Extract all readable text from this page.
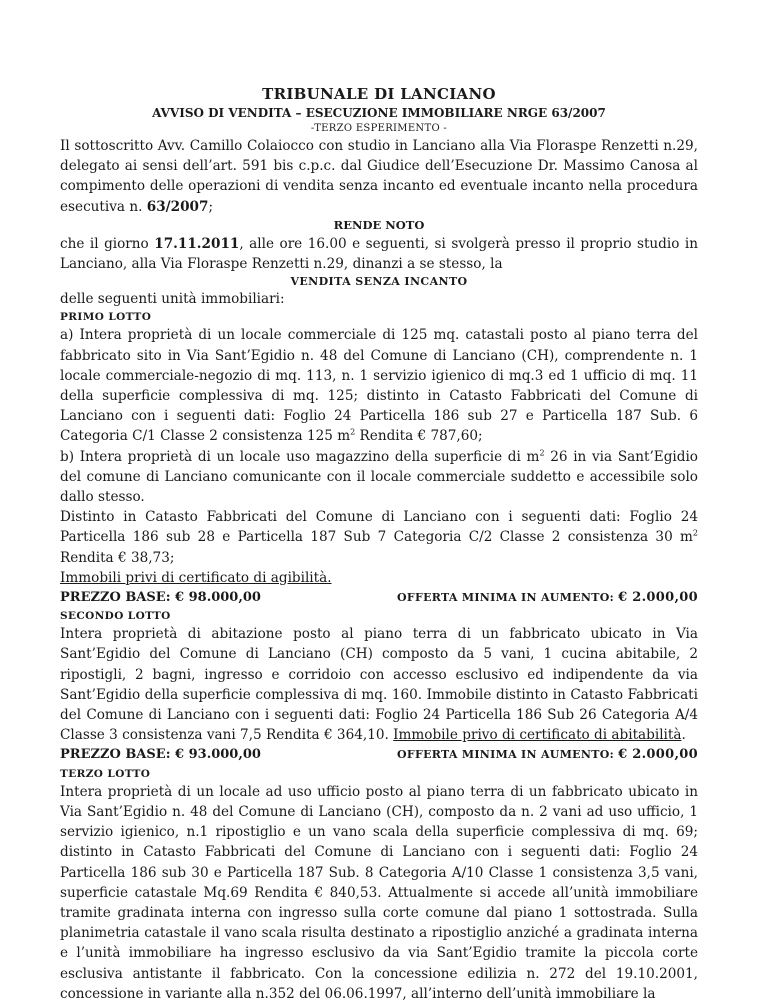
TRIBUNALE DI LANCIANO
AVVISO DI VENDITA – ESECUZIONE IMMOBILIARE NRGE 63/2007
-TERZO ESPERIMENTO -
Il sottoscritto Avv. Camillo Colaiocco con studio in Lanciano alla Via Floraspe Renzetti n.29, delegato ai sensi dell’art. 591 bis c.p.c. dal Giudice dell’Esecuzione Dr. Massimo Canosa al compimento delle operazioni di vendita senza incanto ed eventuale incanto nella procedura esecutiva n. 63/2007;
RENDE NOTO
che il giorno 17.11.2011, alle ore 16.00 e seguenti, si svolgerà presso il proprio studio in Lanciano, alla Via Floraspe Renzetti n.29, dinanzi a se stesso, la
VENDITA SENZA INCANTO
delle seguenti unità immobiliari:
PRIMO LOTTO
a) Intera proprietà di un locale commerciale di 125 mq. catastali posto al piano terra del fabbricato sito in Via Sant’Egidio n. 48 del Comune di Lanciano (CH), comprendente n. 1 locale commerciale-negozio di mq. 113, n. 1 servizio igienico di mq.3 ed 1 ufficio di mq. 11 della superficie complessiva di mq. 125; distinto in Catasto Fabbricati del Comune di Lanciano con i seguenti dati: Foglio 24 Particella 186 sub 27 e Particella 187 Sub. 6 Categoria C/1 Classe 2 consistenza 125 $m^2$ Rendita € 787,60;
b) Intera proprietà di un locale uso magazzino della superficie di $m^2$ 26 in via Sant’Egidio del comune di Lanciano comunicante con il locale commerciale suddetto e accessibile solo dallo stesso.
Distinto in Catasto Fabbricati del Comune di Lanciano con i seguenti dati: Foglio 24 Particella 186 sub 28 e Particella 187 Sub 7 Categoria C/2 Classe 2 consistenza 30 $m^2$ Rendita € 38,73;
Immobili privi di certificato di agibilità.
PREZZO BASE: € 98.000,00	OFFERTA MINIMA IN AUMENTO: € 2.000,00
SECONDO LOTTO
Intera proprietà di abitazione posto al piano terra di un fabbricato ubicato in Via Sant’Egidio del Comune di Lanciano (CH) composto da 5 vani, 1 cucina abitabile, 2 ripostigli, 2 bagni, ingresso e corridoio con accesso esclusivo ed indipendente da via Sant’Egidio della superficie complessiva di mq. 160. Immobile distinto in Catasto Fabbricati del Comune di Lanciano con i seguenti dati: Foglio 24 Particella 186 Sub 26 Categoria A/4 Classe 3 consistenza vani 7,5 Rendita € 364,10. Immobile privo di certificato di abitabilità.
PREZZO BASE: € 93.000,00	OFFERTA MINIMA IN AUMENTO: € 2.000,00
TERZO LOTTO
Intera proprietà di un locale ad uso ufficio posto al piano terra di un fabbricato ubicato in Via Sant’Egidio n. 48 del Comune di Lanciano (CH), composto da n. 2 vani ad uso ufficio, 1 servizio igienico, n.1 ripostiglio e un vano scala della superficie complessiva di mq. 69; distinto in Catasto Fabbricati del Comune di Lanciano con i seguenti dati: Foglio 24 Particella 186 sub 30 e Particella 187 Sub. 8 Categoria A/10 Classe 1 consistenza 3,5 vani, superficie catastale Mq.69 Rendita € 840,53. Attualmente si accede all’unità immobiliare tramite gradinata interna con ingresso sulla corte comune dal piano 1 sottostrada. Sulla planimetria catastale il vano scala risulta destinato a ripostiglio anziché a gradinata interna e l’unità immobiliare ha ingresso esclusivo da via Sant’Egidio tramite la piccola corte esclusiva antistante il fabbricato. Con la concessione edilizia n. 272 del 19.10.2001, concessione in variante alla n.352 del 06.06.1997, all’interno dell’unità immobiliare la
